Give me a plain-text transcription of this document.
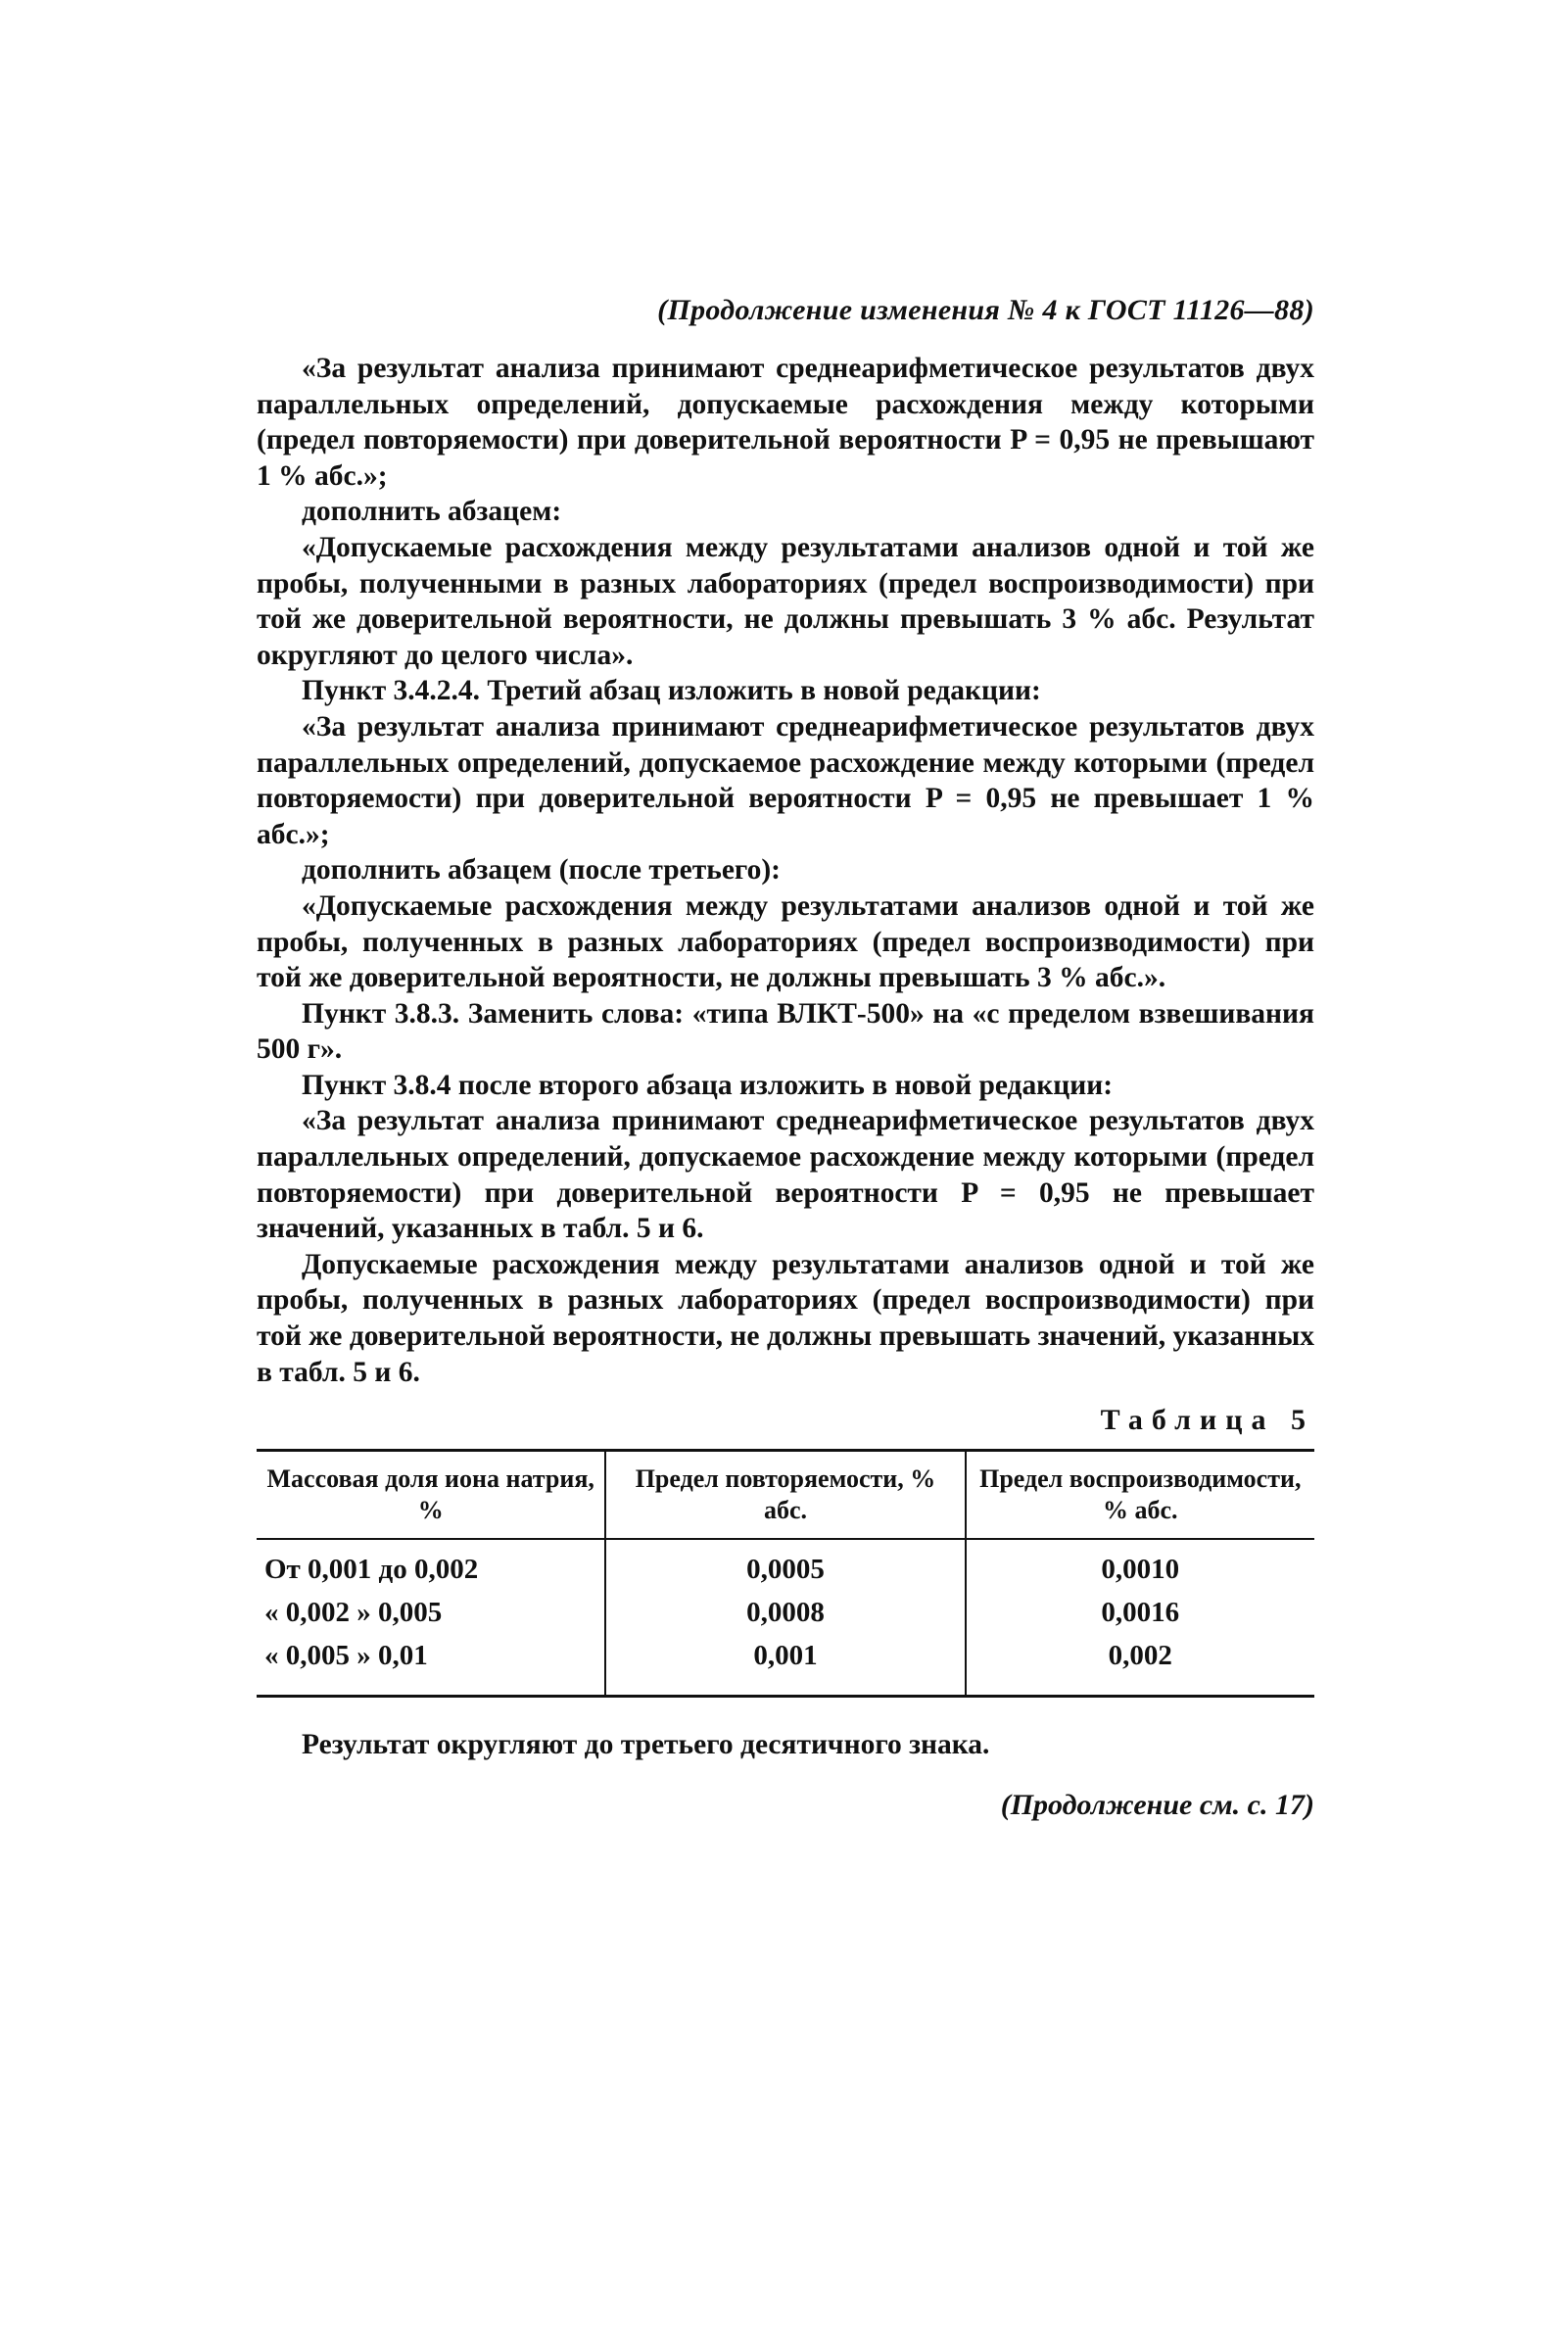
(Продолжение изменения № 4 к ГОСТ 11126—88)

«За результат анализа принимают среднеарифметическое результатов двух параллельных определений, допускаемые расхождения между которыми (предел повторяемости) при доверительной вероятности P = 0,95 не превышают 1 % абс.»;

дополнить абзацем:

«Допускаемые расхождения между результатами анализов одной и той же пробы, полученными в разных лабораториях (предел воспроизводимости) при той же доверительной вероятности, не должны превышать 3 % абс. Результат округляют до целого числа».

Пункт 3.4.2.4. Третий абзац изложить в новой редакции:

«За результат анализа принимают среднеарифметическое результатов двух параллельных определений, допускаемое расхождение между которыми (предел повторяемости) при доверительной вероятности P = 0,95 не превышает 1 % абс.»;

дополнить абзацем (после третьего):

«Допускаемые расхождения между результатами анализов одной и той же пробы, полученных в разных лабораториях (предел воспроизводимости) при той же доверительной вероятности, не должны превышать 3 % абс.».

Пункт 3.8.3. Заменить слова: «типа ВЛКТ-500» на «с пределом взвешивания 500 г».

Пункт 3.8.4 после второго абзаца изложить в новой редакции:

«За результат анализа принимают среднеарифметическое результатов двух параллельных определений, допускаемое расхождение между которыми (предел повторяемости) при доверительной вероятности P = 0,95 не превышает значений, указанных в табл. 5 и 6.

Допускаемые расхождения между результатами анализов одной и той же пробы, полученных в разных лабораториях (предел воспроизводимости) при той же доверительной вероятности, не должны превышать значений, указанных в табл. 5 и 6.

Таблица 5
Массовая доля иона натрия, %	Предел повторяемости, % абс.	Предел воспроизводимости, % абс.
От 0,001 до 0,002	0,0005	0,0010
« 0,002 » 0,005	0,0008	0,0016
« 0,005 » 0,01	0,001	0,002

Результат округляют до третьего десятичного знака.

(Продолжение см. с. 17)
